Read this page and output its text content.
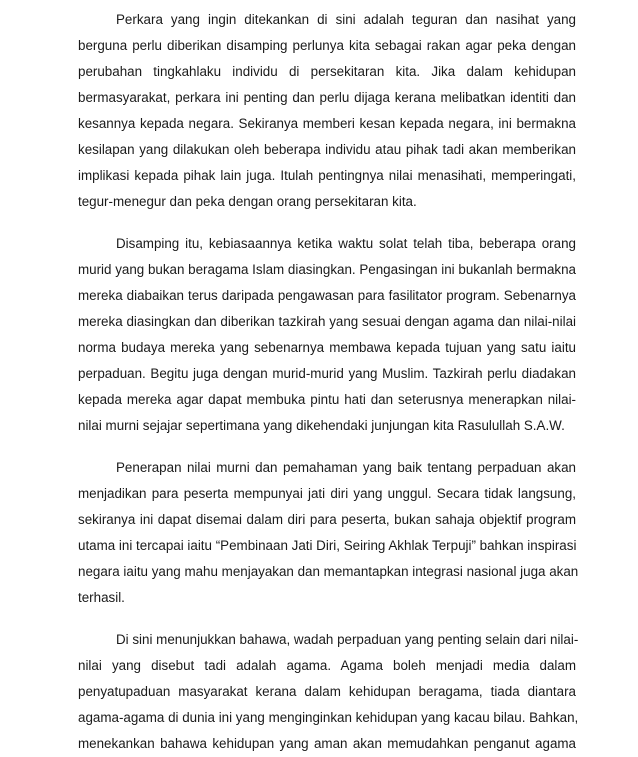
Perkara yang ingin ditekankan di sini adalah teguran dan nasihat yang
berguna perlu diberikan disamping perlunya kita sebagai rakan agar peka dengan
perubahan tingkahlaku individu di persekitaran kita. Jika dalam kehidupan
bermasyarakat, perkara ini penting dan perlu dijaga kerana melibatkan identiti dan
kesannya kepada negara. Sekiranya memberi kesan kepada negara, ini bermakna
kesilapan yang dilakukan oleh beberapa individu atau pihak tadi akan memberikan
implikasi kepada pihak lain juga. Itulah pentingnya nilai menasihati, memperingati,
tegur-menegur dan peka dengan orang persekitaran kita.
Disamping itu, kebiasaannya ketika waktu solat telah tiba, beberapa orang
murid yang bukan beragama Islam diasingkan. Pengasingan ini bukanlah bermakna
mereka diabaikan terus daripada pengawasan para fasilitator program. Sebenarnya
mereka diasingkan dan diberikan tazkirah yang sesuai dengan agama dan nilai-nilai
norma budaya mereka yang sebenarnya membawa kepada tujuan yang satu iaitu
perpaduan. Begitu juga dengan murid-murid yang Muslim. Tazkirah perlu diadakan
kepada mereka agar dapat membuka pintu hati dan seterusnya menerapkan nilai-
nilai murni sejajar sepertimana yang dikehendaki junjungan kita Rasulullah S.A.W.
Penerapan nilai murni dan pemahaman yang baik tentang perpaduan akan
menjadikan para peserta mempunyai jati diri yang unggul. Secara tidak langsung,
sekiranya ini dapat disemai dalam diri para peserta, bukan sahaja objektif program
utama ini tercapai iaitu “Pembinaan Jati Diri, Seiring Akhlak Terpuji” bahkan inspirasi
negara iaitu yang mahu menjayakan dan memantapkan integrasi nasional juga akan
terhasil.
Di sini menunjukkan bahawa, wadah perpaduan yang penting selain dari nilai-
nilai yang disebut tadi adalah agama. Agama boleh menjadi media dalam
penyatupaduan masyarakat kerana dalam kehidupan beragama, tiada diantara
agama-agama di dunia ini yang menginginkan kehidupan yang kacau bilau. Bahkan,
menekankan bahawa kehidupan yang aman akan memudahkan penganut agama
